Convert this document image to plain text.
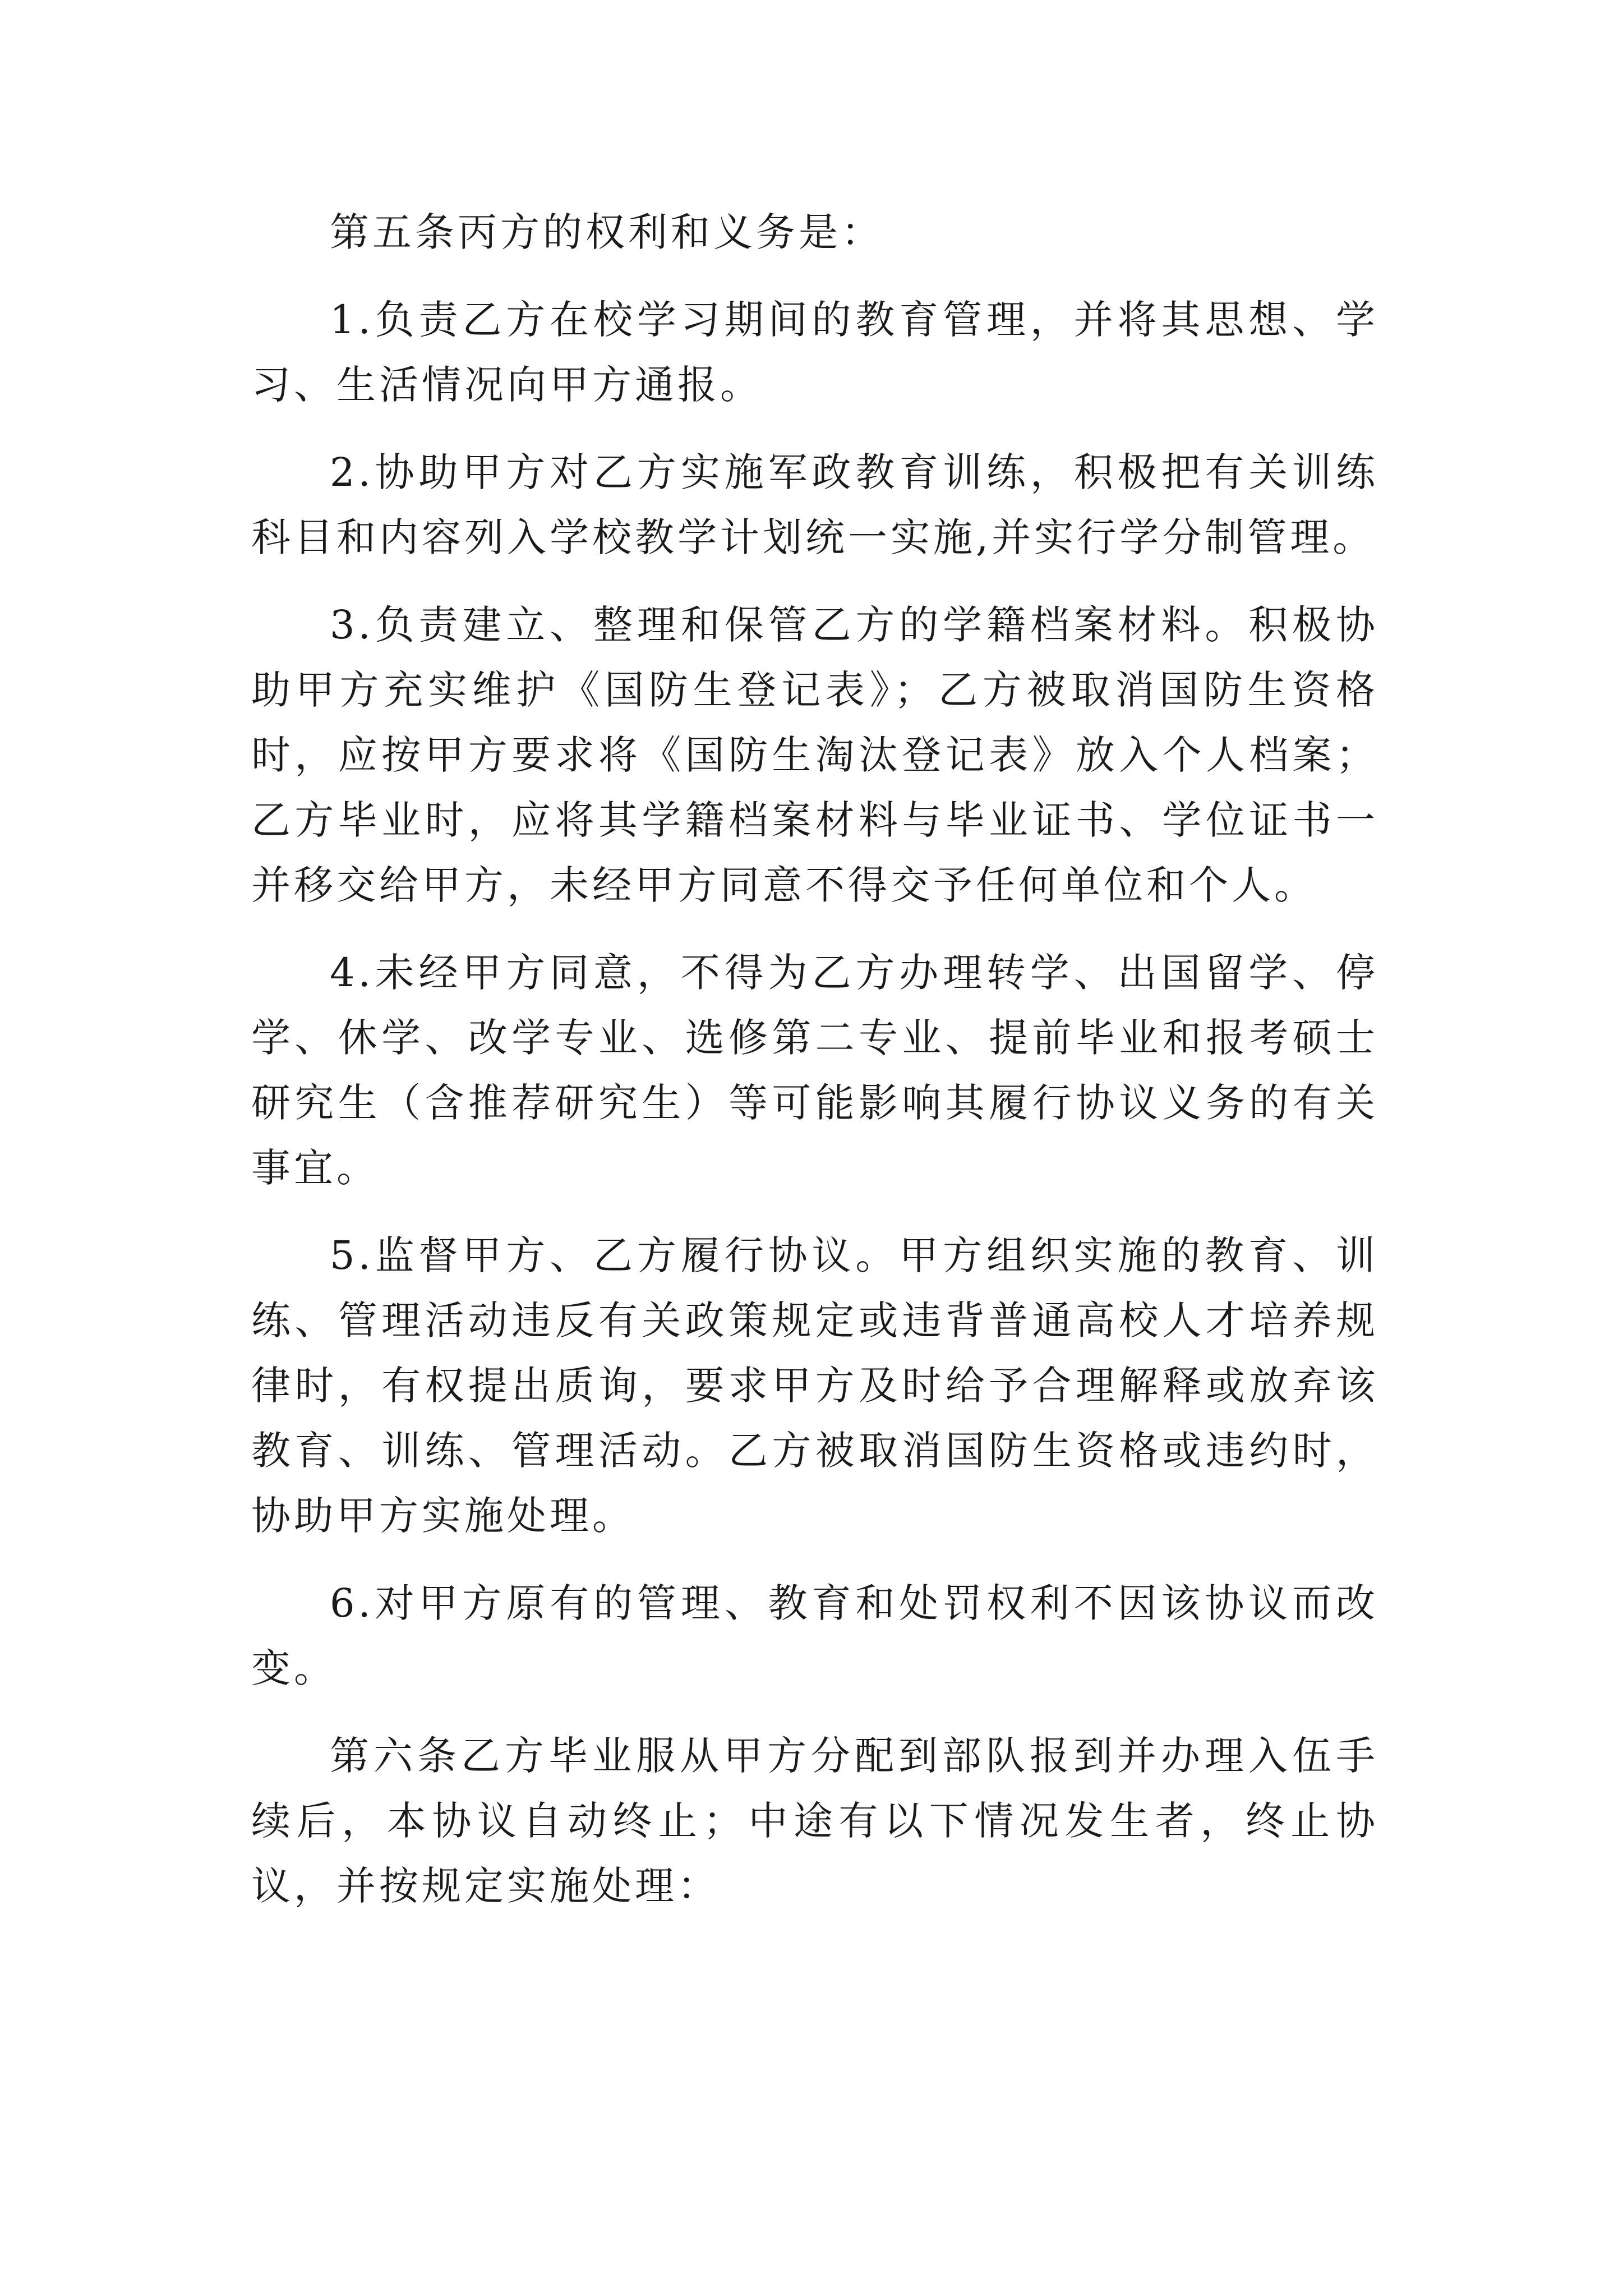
第五条丙方的权利和义务是：

1.负责乙方在校学习期间的教育管理，并将其思想、学习、生活情况向甲方通报。

2.协助甲方对乙方实施军政教育训练，积极把有关训练科目和内容列入学校教学计划统一实施,并实行学分制管理。

3.负责建立、整理和保管乙方的学籍档案材料。积极协助甲方充实维护《国防生登记表》；乙方被取消国防生资格时，应按甲方要求将《国防生淘汰登记表》放入个人档案；乙方毕业时，应将其学籍档案材料与毕业证书、学位证书一并移交给甲方，未经甲方同意不得交予任何单位和个人。

4.未经甲方同意，不得为乙方办理转学、出国留学、停学、休学、改学专业、选修第二专业、提前毕业和报考硕士研究生（含推荐研究生）等可能影响其履行协议义务的有关事宜。

5.监督甲方、乙方履行协议。甲方组织实施的教育、训练、管理活动违反有关政策规定或违背普通高校人才培养规律时，有权提出质询，要求甲方及时给予合理解释或放弃该教育、训练、管理活动。乙方被取消国防生资格或违约时，协助甲方实施处理。

6.对甲方原有的管理、教育和处罚权利不因该协议而改变。

第六条乙方毕业服从甲方分配到部队报到并办理入伍手续后，本协议自动终止；中途有以下情况发生者，终止协议，并按规定实施处理：
